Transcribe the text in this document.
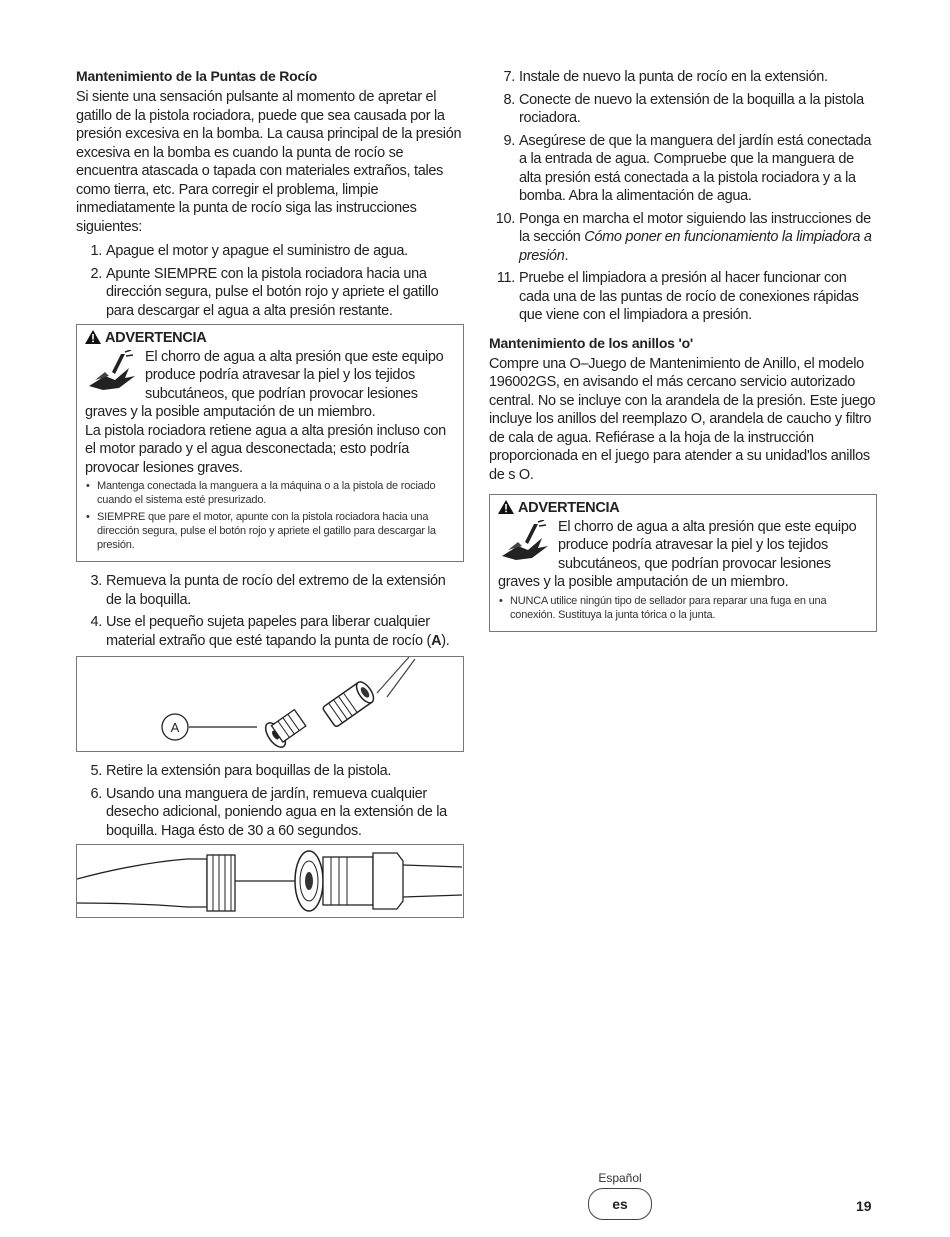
Mantenimiento de la Puntas de Rocío

Si siente una sensación pulsante al momento de apretar el gatillo de la pistola rociadora, puede que sea causada por la presión excesiva en la bomba. La causa principal de la presión excesiva en la bomba es cuando la punta de rocío se encuentra atascada o tapada con materiales extraños, tales como tierra, etc. Para corregir el problema, limpie inmediatamente la punta de rocío siga las instrucciones siguientes:

1. Apague el motor y apague el suministro de agua.
2. Apunte SIEMPRE con la pistola rociadora hacia una dirección segura, pulse el botón rojo y apriete el gatillo para descargar el agua a alta presión restante.
ADVERTENCIA

El chorro de agua a alta presión que este equipo produce podría atravesar la piel y los tejidos subcutáneos, que podrían provocar lesiones graves y la posible amputación de un miembro.

La pistola rociadora retiene agua a alta presión incluso con el motor parado y el agua desconectada; esto podría provocar lesiones graves.

• Mantenga conectada la manguera a la máquina o a la pistola de rociado cuando el sistema esté presurizado.
• SIEMPRE que pare el motor, apunte con la pistola rociadora hacia una dirección segura, pulse el botón rojo y apriete el gatillo para descargar la presión.
3. Remueva la punta de rocío del extremo de la extensión de la boquilla.
4. Use el pequeño sujeta papeles para liberar cualquier material extraño que esté tapando la punta de rocío (A).
A
5. Retire la extensión para boquillas de la pistola.
6. Usando una manguera de jardín, remueva cualquier desecho adicional, poniendo agua en la extensión de la boquilla. Haga ésto de 30 a 60 segundos.
7. Instale de nuevo la punta de rocío en la extensión.
8. Conecte de nuevo la extensión de la boquilla a la pistola rociadora.
9. Asegúrese de que la manguera del jardín está conectada a la entrada de agua. Compruebe que la manguera de alta presión está conectada a la pistola rociadora y a la bomba. Abra la alimentación de agua.
10. Ponga en marcha el motor siguiendo las instrucciones de la sección Cómo poner en funcionamiento la limpiadora a presión.
11. Pruebe el limpiadora a presión al hacer funcionar con cada una de las puntas de rocío de conexiones rápidas que viene con el limpiadora a presión.
Mantenimiento de los anillos 'o'

Compre una O–Juego de Mantenimiento de Anillo, el modelo 196002GS, en avisando el más cercano servicio autorizado central. No se incluye con la arandela de la presión. Este juego incluye los anillos del reemplazo O, arandela de caucho y filtro de cala de agua. Refiérase a la hoja de la instrucción proporcionada en el juego para atender a su unidad'los anillos de s O.

ADVERTENCIA

El chorro de agua a alta presión que este equipo produce podría atravesar la piel y los tejidos subcutáneos, que podrían provocar lesiones graves y la posible amputación de un miembro.

• NUNCA utilice ningún tipo de sellador para reparar una fuga en una conexión. Sustituya la junta tórica o la junta.
Español
es	19
